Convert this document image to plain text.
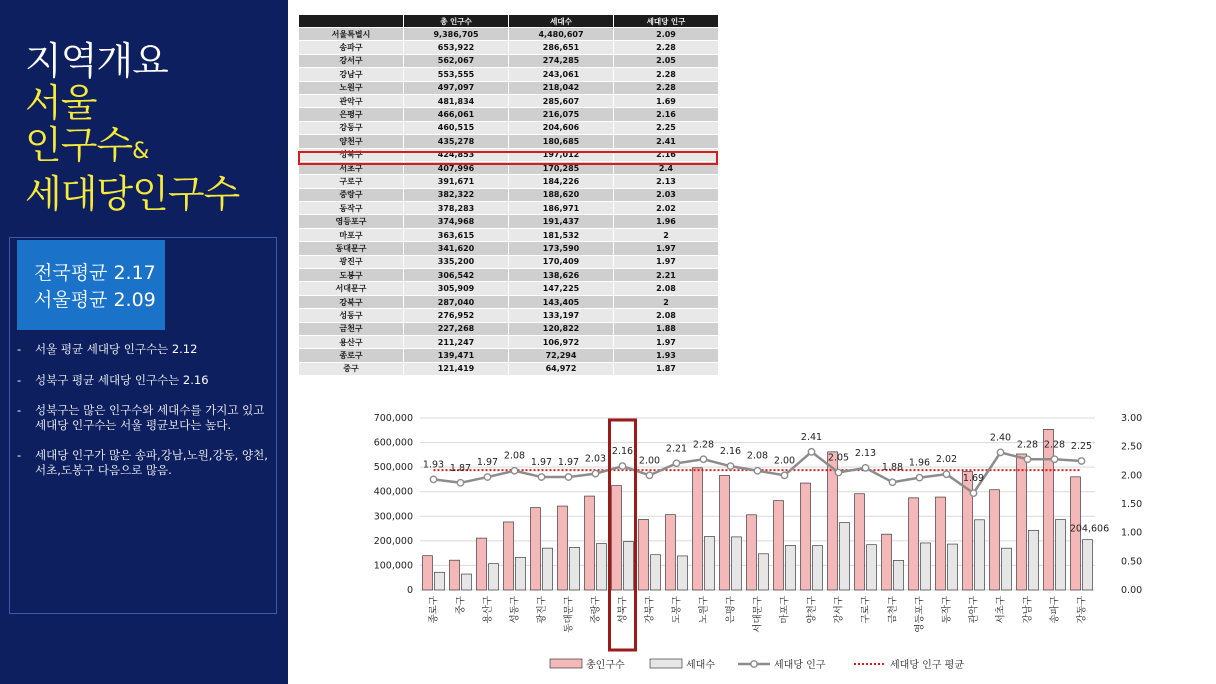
지역개요
서울
인구수&
세대당인구수
전국평균 2.17
서울평균 2.09
- 서울 평균 세대당 인구수는 2.12
- 성북구 평균 세대당 인구수는 2.16
- 성북구는 많은 인구수와 세대수를 가지고 있고 세대당 인구수는 서울 평균보다는 높다.
- 세대당 인구가 많은 송파,강남,노원,강동, 양천,서초,도봉구 다음으로 많음.
	총 인구수	세대수	세대당 인구
서울특별시	9,386,705	4,480,607	2.09
송파구	653,922	286,651	2.28
강서구	562,067	274,285	2.05
강남구	553,555	243,061	2.28
노원구	497,097	218,042	2.28
관악구	481,834	285,607	1.69
은평구	466,061	216,075	2.16
강동구	460,515	204,606	2.25
양천구	435,278	180,685	2.41
성북구	424,853	197,012	2.16
서초구	407,996	170,285	2.4
구로구	391,671	184,226	2.13
중랑구	382,322	188,620	2.03
동작구	378,283	186,971	2.02
영등포구	374,968	191,437	1.96
마포구	363,615	181,532	2
동대문구	341,620	173,590	1.97
광진구	335,200	170,409	1.97
도봉구	306,542	138,626	2.21
서대문구	305,909	147,225	2.08
강북구	287,040	143,405	2
성동구	276,952	133,197	2.08
금천구	227,268	120,822	1.88
용산구	211,247	106,972	1.97
종로구	139,471	72,294	1.93
중구	121,419	64,972	1.87
0
100,000
200,000
300,000
400,000
500,000
600,000
700,000
0.00
0.50
1.00
1.50
2.00
2.50
3.00
1.93 1.87
1.97
2.08
1.97 1.97 2.03
2.16
2.00
2.21 2.28
2.16 2.08 2.00
2.41
2.05 2.13
1.88 1.96 2.02
1.69
2.40
2.28 2.28 2.25
204,606
종로구 중구 용산구 성동구 광진구 동대문구 중랑구 성북구 강북구 도봉구 노원구 은평구 서대문구 마포구 양천구 강서구 구로구 금천구 영등포구 동작구 관악구 서초구 강남구 송파구 강동구
총인구수	세대수	세대당 인구	세대당 인구 평균
